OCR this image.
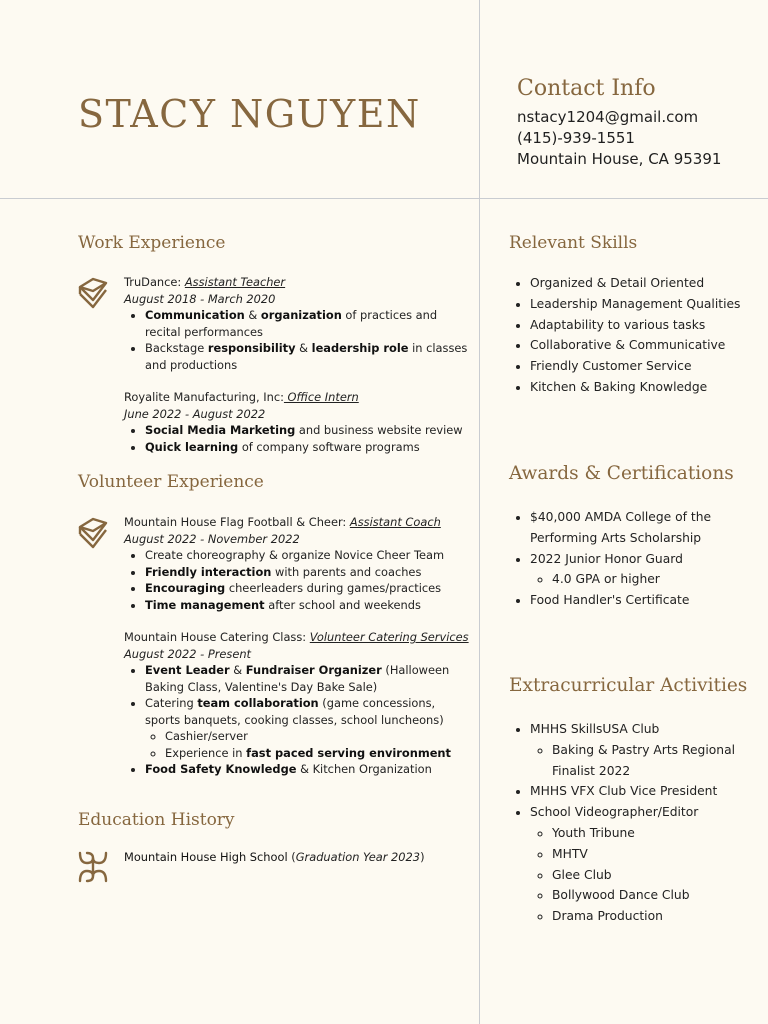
STACY NGUYEN
Contact Info
nstacy1204@gmail.com
(415)-939-1551
Mountain House, CA 95391
Work Experience
TruDance: Assistant Teacher
August 2018 - March 2020
• Communication & organization of practices and recital performances
• Backstage responsibility & leadership role in classes and productions
Royalite Manufacturing, Inc: Office Intern
June 2022 - August 2022
• Social Media Marketing and business website review
• Quick learning of company software programs
Volunteer Experience
Mountain House Flag Football & Cheer: Assistant Coach
August 2022 - November 2022
• Create choreography & organize Novice Cheer Team
• Friendly interaction with parents and coaches
• Encouraging cheerleaders during games/practices
• Time management after school and weekends
Mountain House Catering Class: Volunteer Catering Services
August 2022 - Present
• Event Leader & Fundraiser Organizer (Halloween Baking Class, Valentine's Day Bake Sale)
• Catering team collaboration (game concessions, sports banquets, cooking classes, school luncheons)
◦ Cashier/server
◦ Experience in fast paced serving environment
• Food Safety Knowledge & Kitchen Organization
Education History
Mountain House High School (Graduation Year 2023)
Relevant Skills
• Organized & Detail Oriented
• Leadership Management Qualities
• Adaptability to various tasks
• Collaborative & Communicative
• Friendly Customer Service
• Kitchen & Baking Knowledge
Awards & Certifications
• $40,000 AMDA College of the Performing Arts Scholarship
• 2022 Junior Honor Guard
◦ 4.0 GPA or higher
• Food Handler's Certificate
Extracurricular Activities
• MHHS SkillsUSA Club
◦ Baking & Pastry Arts Regional Finalist 2022
• MHHS VFX Club Vice President
• School Videographer/Editor
◦ Youth Tribune
◦ MHTV
◦ Glee Club
◦ Bollywood Dance Club
◦ Drama Production
